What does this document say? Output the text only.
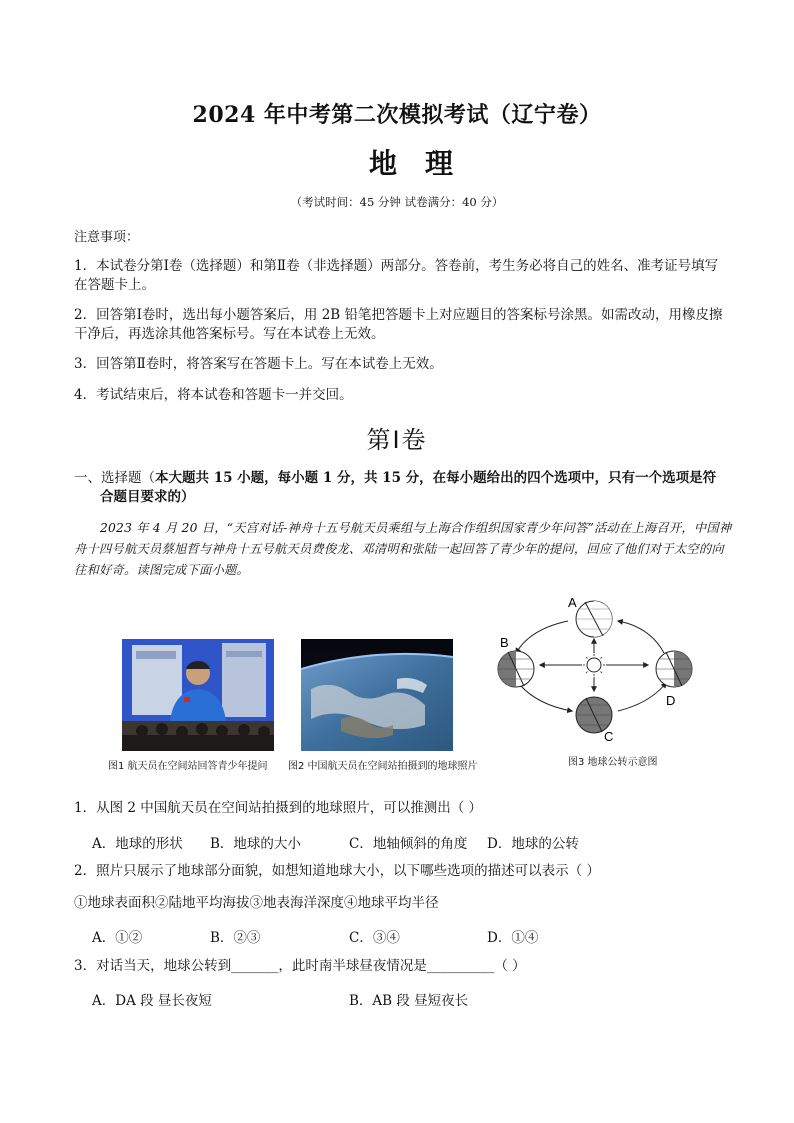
2024 年中考第二次模拟考试（辽宁卷）
地理
（考试时间：45 分钟 试卷满分：40 分）
注意事项：
1．本试卷分第Ⅰ卷（选择题）和第Ⅱ卷（非选择题）两部分。答卷前，考生务必将自己的姓名、准考证号填写在答题卡上。
2．回答第Ⅰ卷时，选出每小题答案后，用 2B 铅笔把答题卡上对应题目的答案标号涂黑。如需改动，用橡皮擦干净后，再选涂其他答案标号。写在本试卷上无效。
3．回答第Ⅱ卷时，将答案写在答题卡上。写在本试卷上无效。
4．考试结束后，将本试卷和答题卡一并交回。
第Ⅰ卷
一、选择题（本大题共 15 小题，每小题 1 分，共 15 分，在每小题给出的四个选项中，只有一个选项是符
合题目要求的）
2023 年 4 月 20 日，“天宫对话-神舟十五号航天员乘组与上海合作组织国家青少年问答”活动在上海召开，中国神舟十四号航天员蔡旭哲与神舟十五号航天员费俊龙、邓清明和张陆一起回答了青少年的提问，回应了他们对于太空的向往和好奇。读图完成下面小题。
图1 航天员在空间站回答青少年提问 图2 中国航天员在空间站拍摄到的地球照片
A
B
C
D
图3 地球公转示意图
1．从图 2 中国航天员在空间站拍摄到的地球照片，可以推测出（ ）
A．地球的形状 B．地球的大小	C．地轴倾斜的角度 D．地球的公转
2．照片只展示了地球部分面貌，如想知道地球大小，以下哪些选项的描述可以表示（ ）
①地球表面积②陆地平均海拔③地表海洋深度④地球平均半径
A．①②	B．②③	C．③④	D．①④
3．对话当天，地球公转到_______，此时南半球昼夜情况是__________（ ）
A．DA 段 昼长夜短	B．AB 段 昼短夜长
